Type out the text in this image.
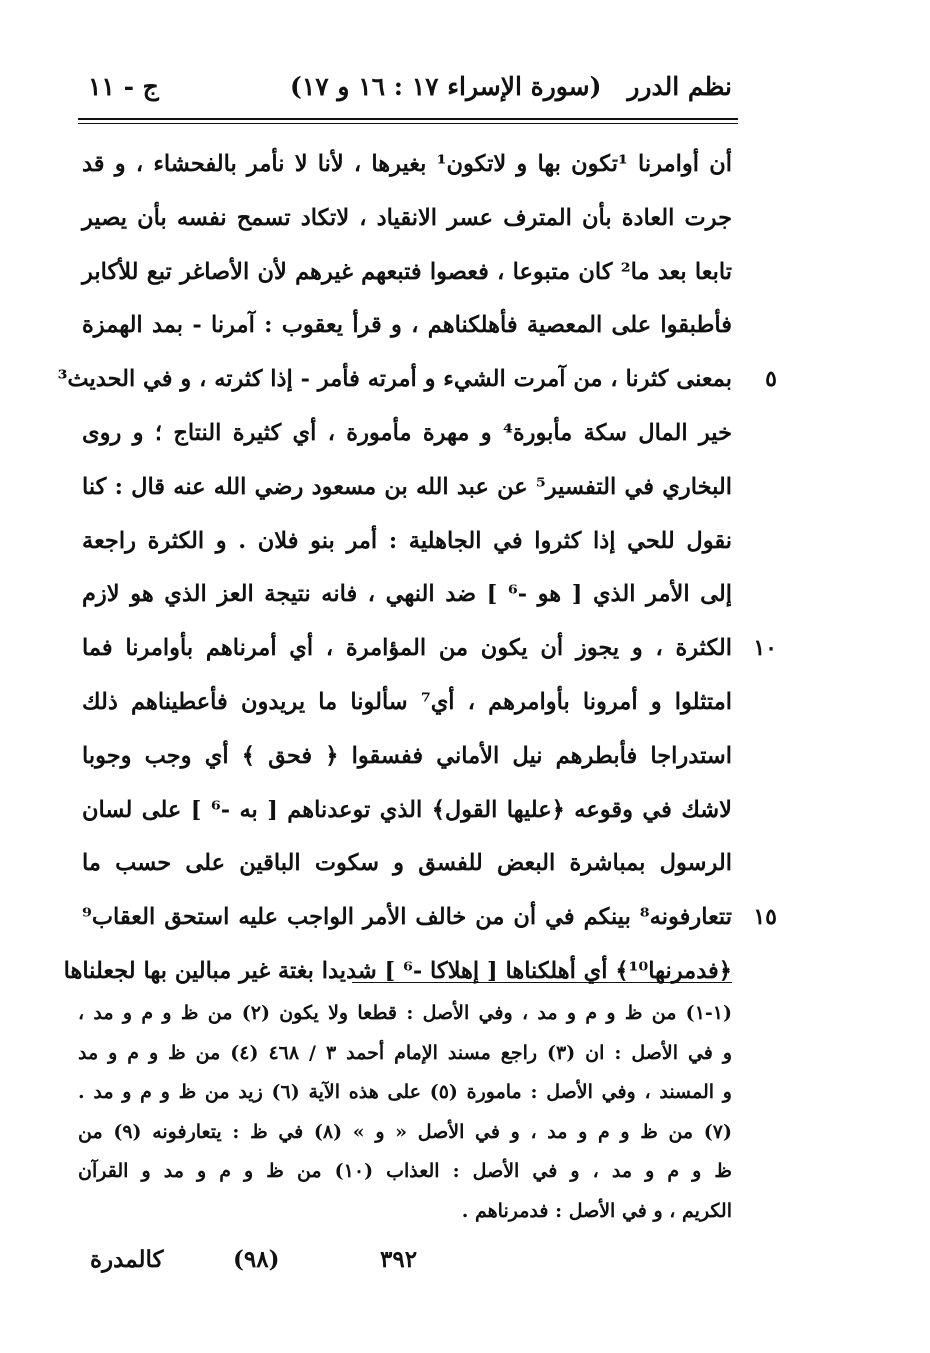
ج - ١١	(سورة الإسراء ١٧ : ١٦ و ١٧) نظم الدرر
أن أوامرنا ¹تكون بها و لاتكون¹ بغيرها ، لأنا لا نأمر بالفحشاء ، و قد
جرت العادة بأن المترف عسر الانقياد ، لاتكاد تسمح نفسه بأن يصير
تابعا بعد ما² كان متبوعا ، فعصوا فتبعهم غيرهم لأن الأصاغر تبع للأكابر
فأطبقوا على المعصية فأهلكناهم ، و قرأ يعقوب : آمرنا - بمد الهمزة
بمعنى كثرنا ، من آمرت الشيء و أمرته فأمر - إذا كثرته ، و في الحديث³	٥
خير المال سكة مأبورة⁴ و مهرة مأمورة ، أي كثيرة النتاج ؛ و روى
البخاري في التفسير⁵ عن عبد الله بن مسعود رضي الله عنه قال : كنا
نقول للحي إذا كثروا في الجاهلية : أمر بنو فلان . و الكثرة راجعة
إلى الأمر الذي [ هو -⁶ ] ضد النهي ، فانه نتيجة العز الذي هو لازم
الكثرة ، و يجوز أن يكون من المؤامرة ، أي أمرناهم بأوامرنا فما ١٠
امتثلوا و أمرونا بأوامرهم ، أي⁷ سألونا ما يريدون فأعطيناهم ذلك
استدراجا فأبطرهم نيل الأماني ففسقوا ﴿ فحق ﴾ أي وجب وجوبا
لاشك في وقوعه ﴿عليها القول﴾ الذي توعدناهم [ به -⁶ ] على لسان
الرسول بمباشرة البعض للفسق و سكوت الباقين على حسب ما
تتعارفونه⁸ بينكم في أن من خالف الأمر الواجب عليه استحق العقاب⁹ ١٥
﴿فدمرنها¹⁰﴾ أي أهلكناها [ إهلاكا -⁶ ] شديدا بغتة غير مبالين بها لجعلناها
(١-١) من ظ و م و مد ، وفي الأصل : قطعا ولا يكون (٢) من ظ و م و مد ،
و في الأصل : ان (٣) راجع مسند الإمام أحمد ٣ / ٤٦٨ (٤) من ظ و م و مد
و المسند ، وفي الأصل : مامورة (٥) على هذه الآية (٦) زيد من ظ و م و مد .
(٧) من ظ و م و مد ، و في الأصل « و » (٨) في ظ : يتعارفونه (٩) من
ظ و م و مد ، و في الأصل : العذاب (١٠) من ظ و م و مد و القرآن
الكريم ، و في الأصل : فدمرناهم .
كالمدرة	(٩٨)	٣٩٢
